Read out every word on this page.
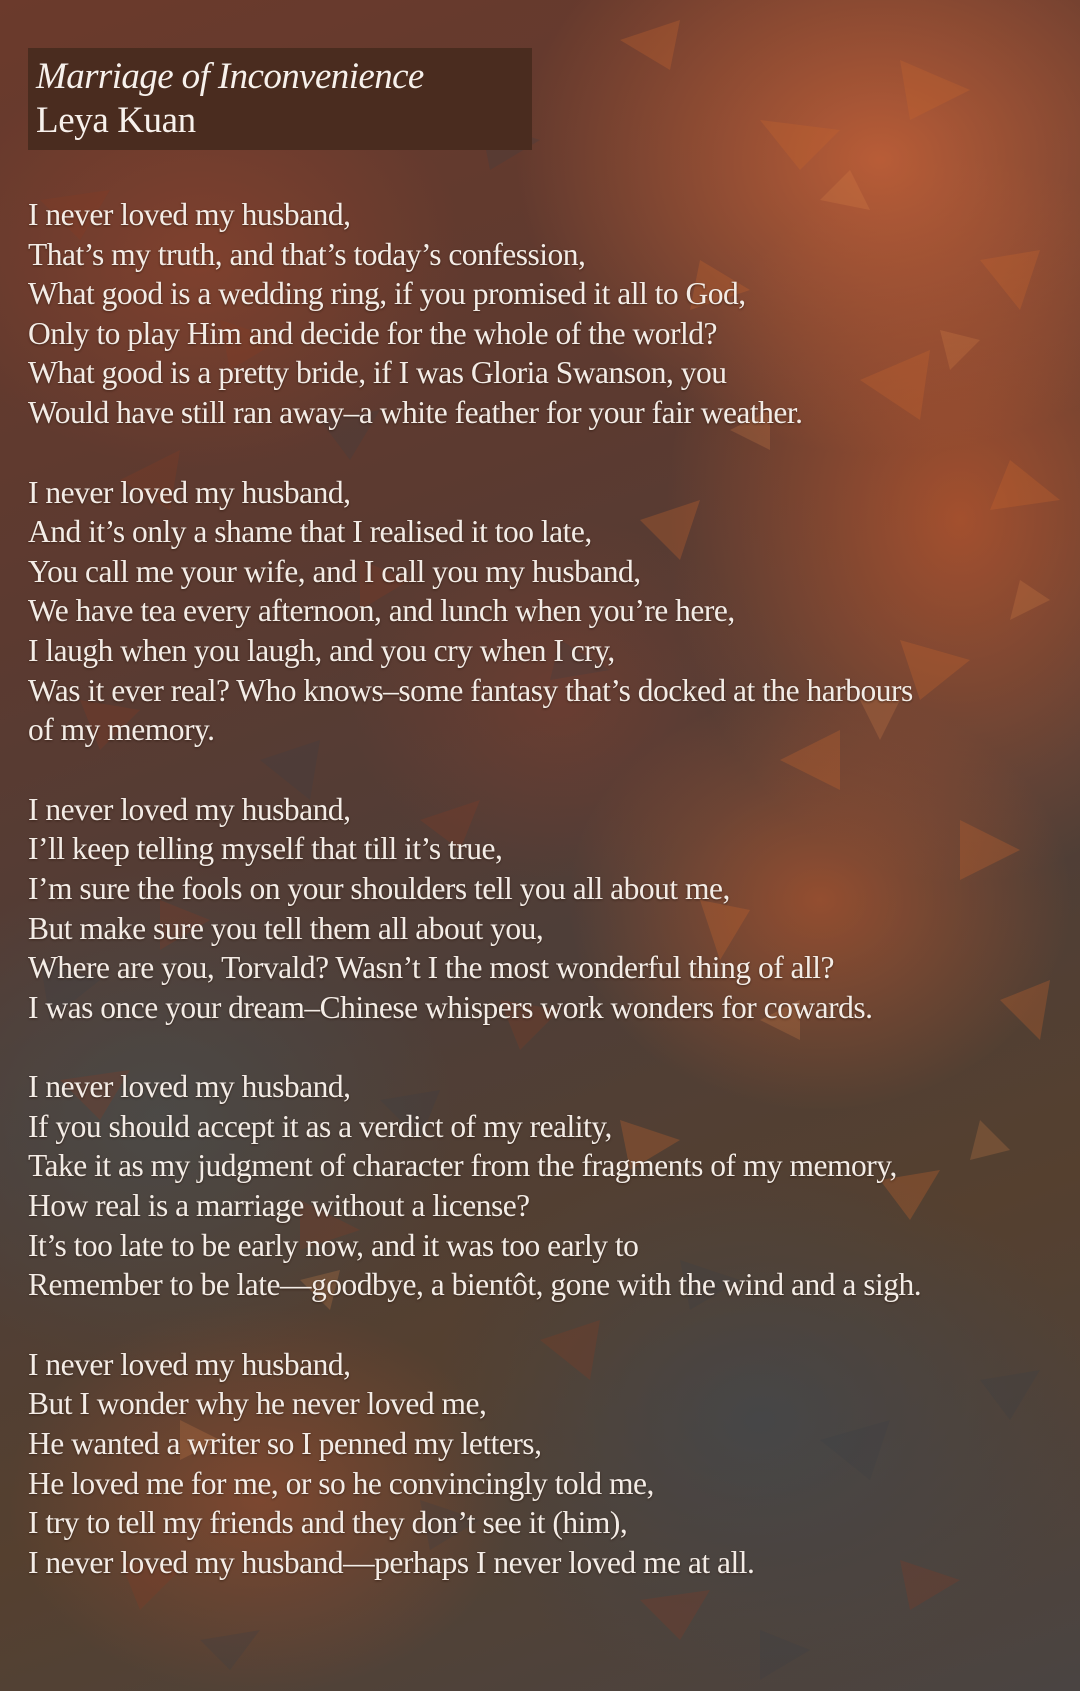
Marriage of Inconvenience
Leya Kuan
I never loved my husband,
That’s my truth, and that’s today’s confession,
What good is a wedding ring, if you promised it all to God,
Only to play Him and decide for the whole of the world?
What good is a pretty bride, if I was Gloria Swanson, you
Would have still ran away–a white feather for your fair weather.
I never loved my husband,
And it’s only a shame that I realised it too late,
You call me your wife, and I call you my husband,
We have tea every afternoon, and lunch when you’re here,
I laugh when you laugh, and you cry when I cry,
Was it ever real? Who knows–some fantasy that’s docked at the harbours
of my memory.
I never loved my husband,
I’ll keep telling myself that till it’s true,
I’m sure the fools on your shoulders tell you all about me,
But make sure you tell them all about you,
Where are you, Torvald? Wasn’t I the most wonderful thing of all?
I was once your dream–Chinese whispers work wonders for cowards.
I never loved my husband,
If you should accept it as a verdict of my reality,
Take it as my judgment of character from the fragments of my memory,
How real is a marriage without a license?
It’s too late to be early now, and it was too early to
Remember to be late—goodbye, a bientôt, gone with the wind and a sigh.
I never loved my husband,
But I wonder why he never loved me,
He wanted a writer so I penned my letters,
He loved me for me, or so he convincingly told me,
I try to tell my friends and they don’t see it (him),
I never loved my husband—perhaps I never loved me at all.
